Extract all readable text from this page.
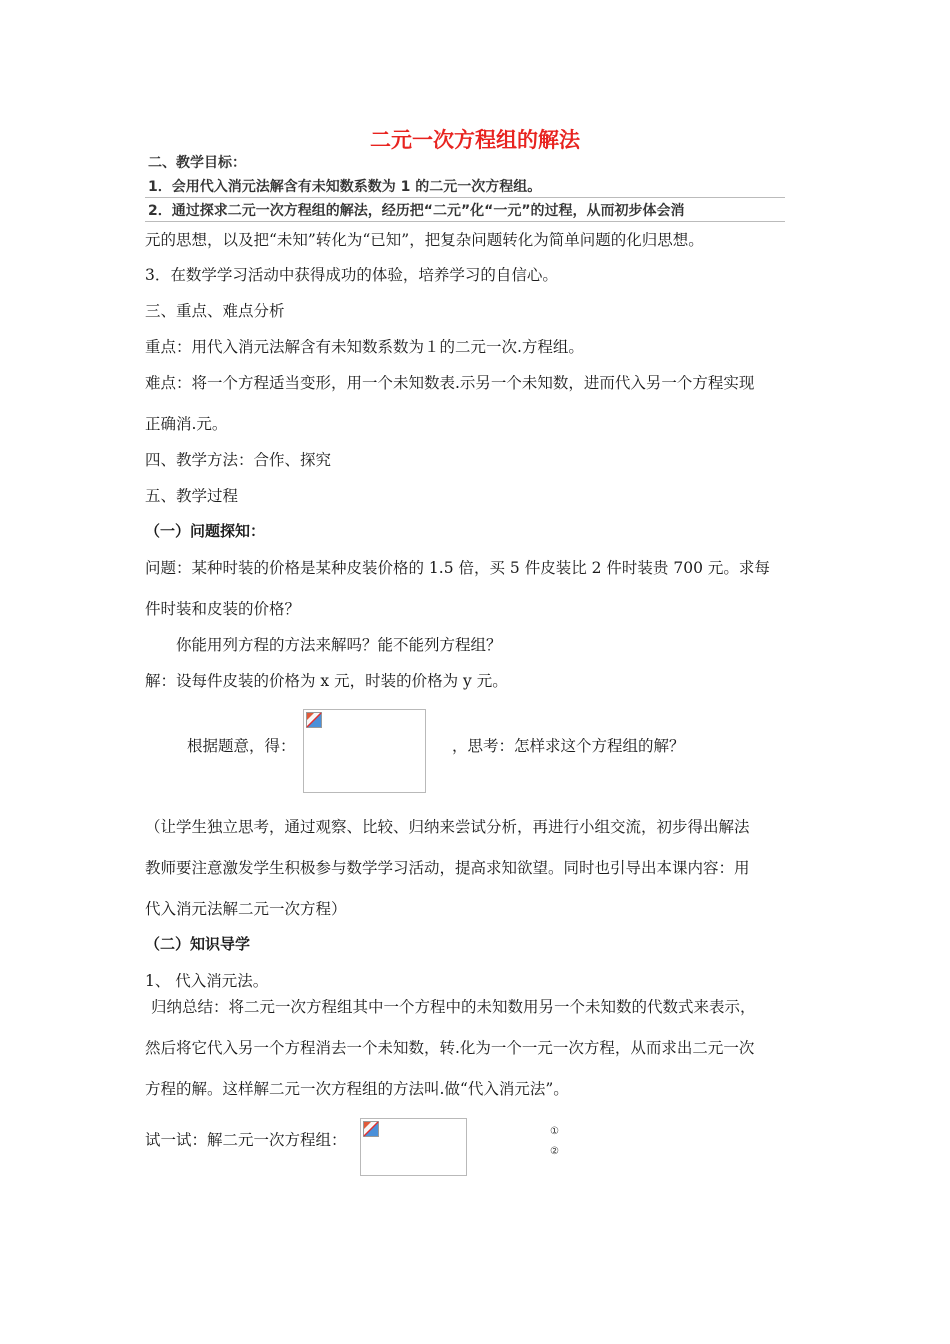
二元一次方程组的解法
二、教学目标：
1．会用代入消元法解含有未知数系数为 1 的二元一次方程组。
2．通过探求二元一次方程组的解法，经历把“二元”化“一元”的过程，从而初步体会消
元的思想，以及把“未知”转化为“已知”，把复杂问题转化为简单问题的化归思想。
3．在数学学习活动中获得成功的体验，培养学习的自信心。
三、重点、难点分析
重点：用代入消元法解含有未知数系数为１的二元一次.方程组。
难点：将一个方程适当变形，用一个未知数表.示另一个未知数，进而代入另一个方程实现
正确消.元。
四、教学方法：合作、探究
五、教学过程
（一）问题探知：
问题：某种时装的价格是某种皮装价格的 1.5 倍，买 5 件皮装比 2 件时装贵 700 元。求每
件时装和皮装的价格？
你能用列方程的方法来解吗？能不能列方程组？
解：设每件皮装的价格为 x 元，时装的价格为 y 元。
根据题意，得：	，思考：怎样求这个方程组的解？
（让学生独立思考，通过观察、比较、归纳来尝试分析，再进行小组交流，初步得出解法
教师要注意激发学生积极参与数学学习活动，提高求知欲望。同时也引导出本课内容：用
代入消元法解二元一次方程）
（二）知识导学
1、 代入消元法。
归纳总结：将二元一次方程组其中一个方程中的未知数用另一个未知数的代数式来表示，
然后将它代入另一个方程消去一个未知数，转.化为一个一元一次方程，从而求出二元一次
方程的解。这样解二元一次方程组的方法叫.做“代入消元法”。
试一试：解二元一次方程组：	①
②
